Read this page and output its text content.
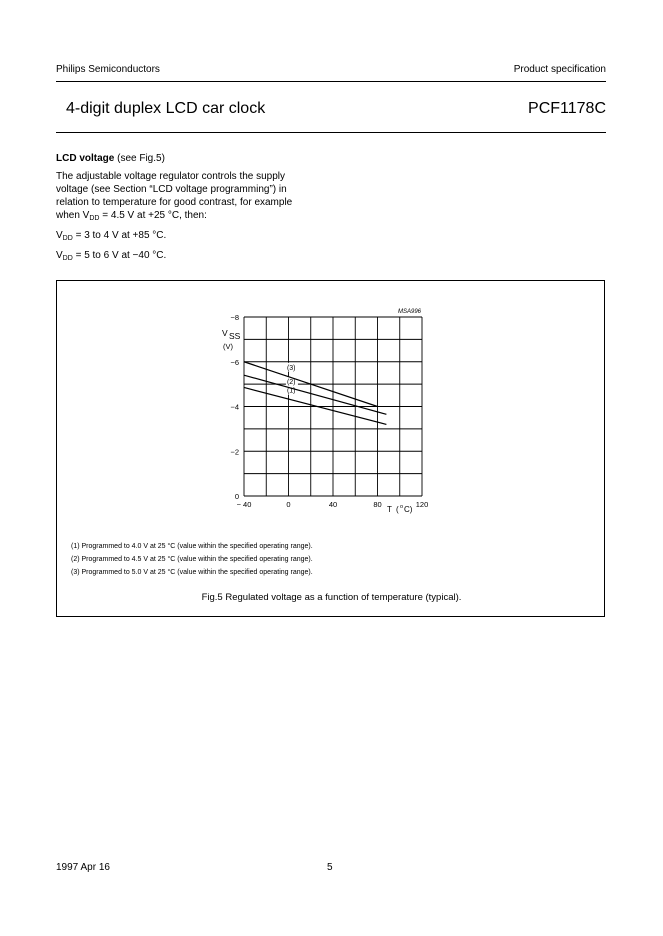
Philips Semiconductors	Product specification
4-digit duplex LCD car clock	PCF1178C
LCD voltage (see Fig.5)
The adjustable voltage regulator controls the supply
voltage (see Section “LCD voltage programming”) in
relation to temperature for good contrast, for example
when $V_{DD} = 4.5$ V at +25 °C, then:
$V_{DD} = 3$ to 4 V at +85 °C.
$V_{DD} = 5$ to 6 V at −40 °C.
(1)
(2)
(3)
MSA996
V SS
(V)
T ( o C)
0
−2
−4
−6
−8
− 40	0	40	80	120
(1) Programmed to 4.0 V at 25 °C (value within the specified operating range).
(2) Programmed to 4.5 V at 25 °C (value within the specified operating range).
(3) Programmed to 5.0 V at 25 °C (value within the specified operating range).
Fig.5 Regulated voltage as a function of temperature (typical).
1997 Apr 16	5
